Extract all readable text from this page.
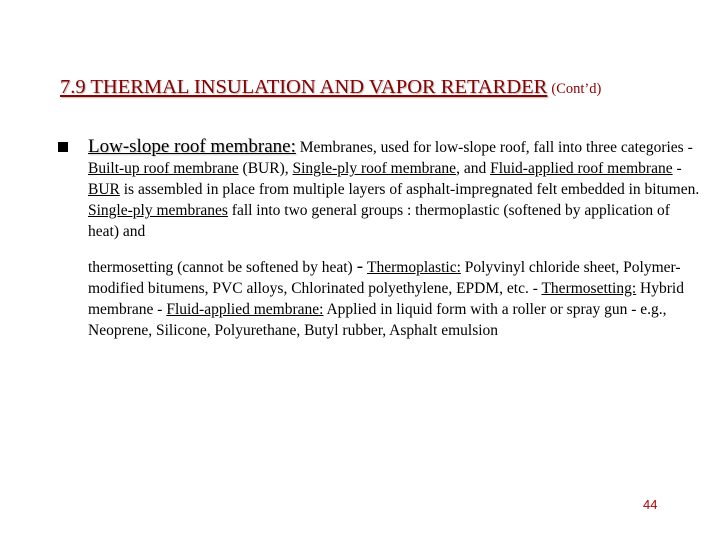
7.9 THERMAL INSULATION AND VAPOR RETARDER (Cont’d)
Low-slope roof membrane: Membranes, used for low-slope roof, fall into three categories - Built-up roof membrane (BUR), Single-ply roof membrane, and Fluid-applied roof membrane - BUR is assembled in place from multiple layers of asphalt-impregnated felt embedded in bitumen. Single-ply membranes fall into two general groups : thermoplastic (softened by application of heat) and
thermosetting (cannot be softened by heat) - Thermoplastic: Polyvinyl chloride sheet, Polymer-modified bitumens, PVC alloys, Chlorinated polyethylene, EPDM, etc. - Thermosetting: Hybrid membrane - Fluid-applied membrane: Applied in liquid form with a roller or spray gun - e.g., Neoprene, Silicone, Polyurethane, Butyl rubber, Asphalt emulsion
44
